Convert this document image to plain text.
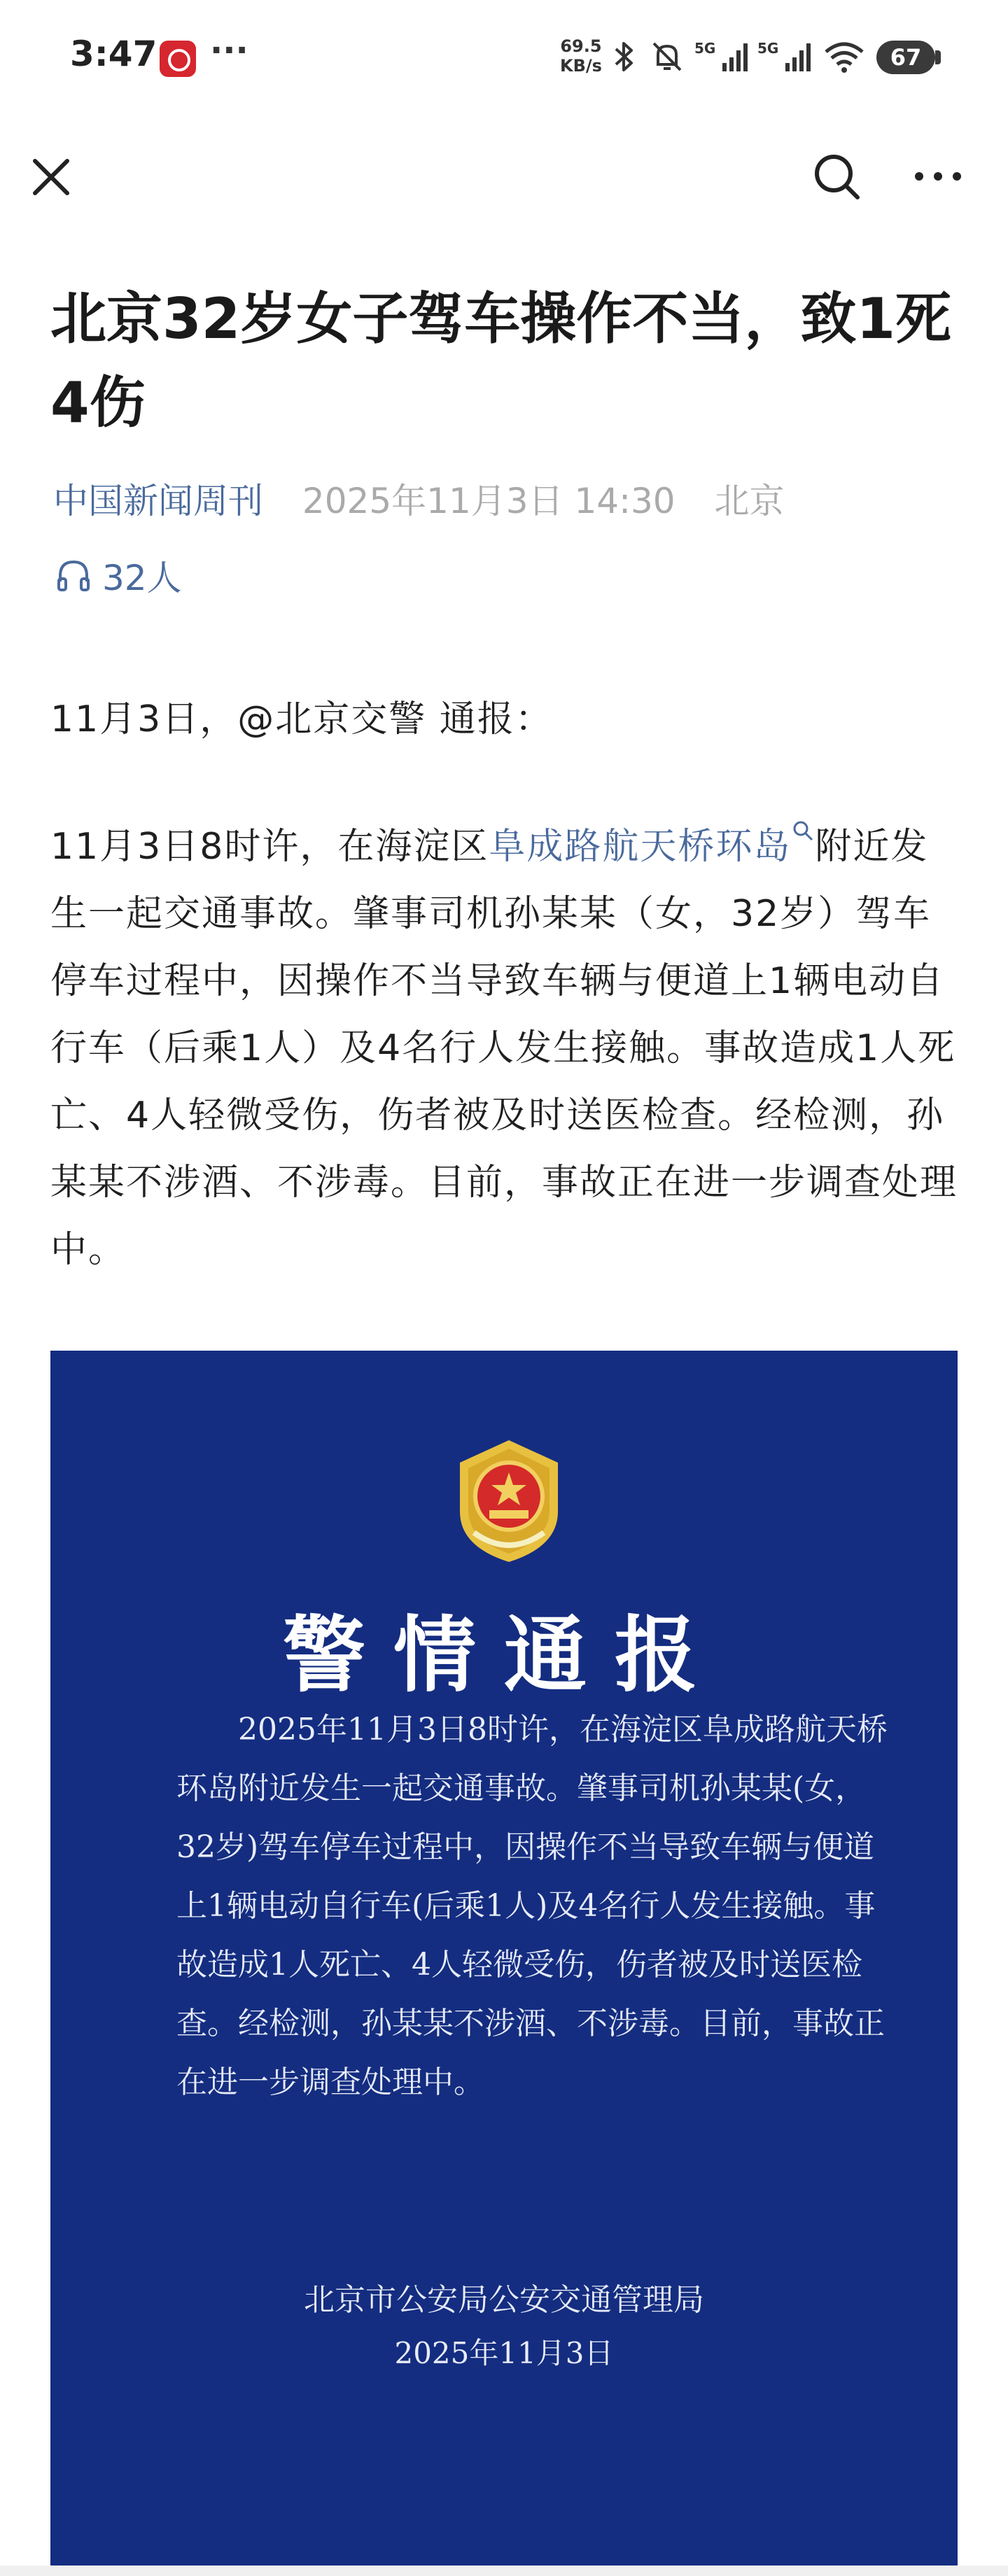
3:47 ···	69.5
KB/s
5G	5G	67
北京32岁女子驾车操作不当，致1死4伤
中国新闻周刊 2025年11月3日 14:30 北京
32人

11月3日，@北京交警 通报：

11月3日8时许，在海淀区阜成路航天桥环岛 附近发生一起交通事故。肇事司机孙某某（女，32岁）驾车停车过程中，因操作不当导致车辆与便道上1辆电动自行车（后乘1人）及4名行人发生接触。事故造成1人死亡、4人轻微受伤，伤者被及时送医检查。经检测，孙某某不涉酒、不涉毒。目前，事故正在进一步调查处理中。

警情通报

2025年11月3日8时许，在海淀区阜成路航天桥环岛附近发生一起交通事故。肇事司机孙某某(女，32岁)驾车停车过程中，因操作不当导致车辆与便道上1辆电动自行车(后乘1人)及4名行人发生接触。事故造成1人死亡、4人轻微受伤，伤者被及时送医检查。经检测，孙某某不涉酒、不涉毒。目前，事故正在进一步调查处理中。

北京市公安局公安交通管理局
2025年11月3日
